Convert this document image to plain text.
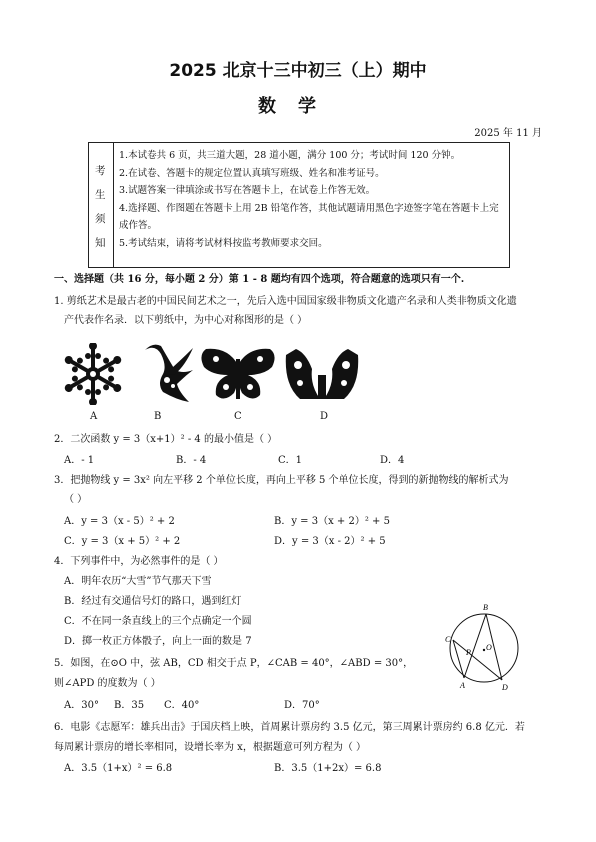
2025 北京十三中初三（上）期中
数学
2025 年 11 月
考
生
须
知
1.本试卷共 6 页，共三道大题，28 道小题，满分 100 分；考试时间 120 分钟。
2.在试卷、答题卡的规定位置认真填写班级、姓名和准考证号。
3.试题答案一律填涂或书写在答题卡上，在试卷上作答无效。
4.选择题、作图题在答题卡上用 2B 铅笔作答，其他试题请用黑色字迹签字笔在答题卡上完成作答。
5.考试结束，请将考试材料按监考教师要求交回。
一、选择题（共 16 分，每小题 2 分）第 1 - 8 题均有四个选项，符合题意的选项只有一个.
1. 剪纸艺术是最古老的中国民间艺术之一，先后入选中国国家级非物质文化遗产名录和人类非物质文化遗
产代表作名录．以下剪纸中，为中心对称图形的是（ ）
A	B	C	D
2．二次函数 y = 3（x+1）² - 4 的最小值是（ ）
A．- 1	B．- 4	C．1	D．4
3．把抛物线 y = 3x² 向左平移 2 个单位长度，再向上平移 5 个单位长度，得到的新抛物线的解析式为
（ ）
A．y = 3（x - 5）² + 2	B．y = 3（x + 2）² + 5
C．y = 3（x + 5）² + 2	D．y = 3（x - 2）² + 5
4．下列事件中，为必然事件的是（ ）
A．明年农历“大雪”节气那天下雪
B．经过有交通信号灯的路口，遇到红灯
C．不在同一条直线上的三个点确定一个圆
D．掷一枚正方体骰子，向上一面的数是 7
5．如图，在⊙O 中，弦 AB，CD 相交于点 P，∠CAB = 40°，∠ABD = 30°，
则∠APD 的度数为（ ）
A．30° B．35 C．40°	D．70°
B
C
P
O
A	D
6．电影《志愿军：雄兵出击》于国庆档上映，首周累计票房约 3.5 亿元，第三周累计票房约 6.8 亿元．若
每周累计票房的增长率相同，设增长率为 x，根据题意可列方程为（ ）
A．3.5（1+x）² = 6.8	B．3.5（1+2x）= 6.8
